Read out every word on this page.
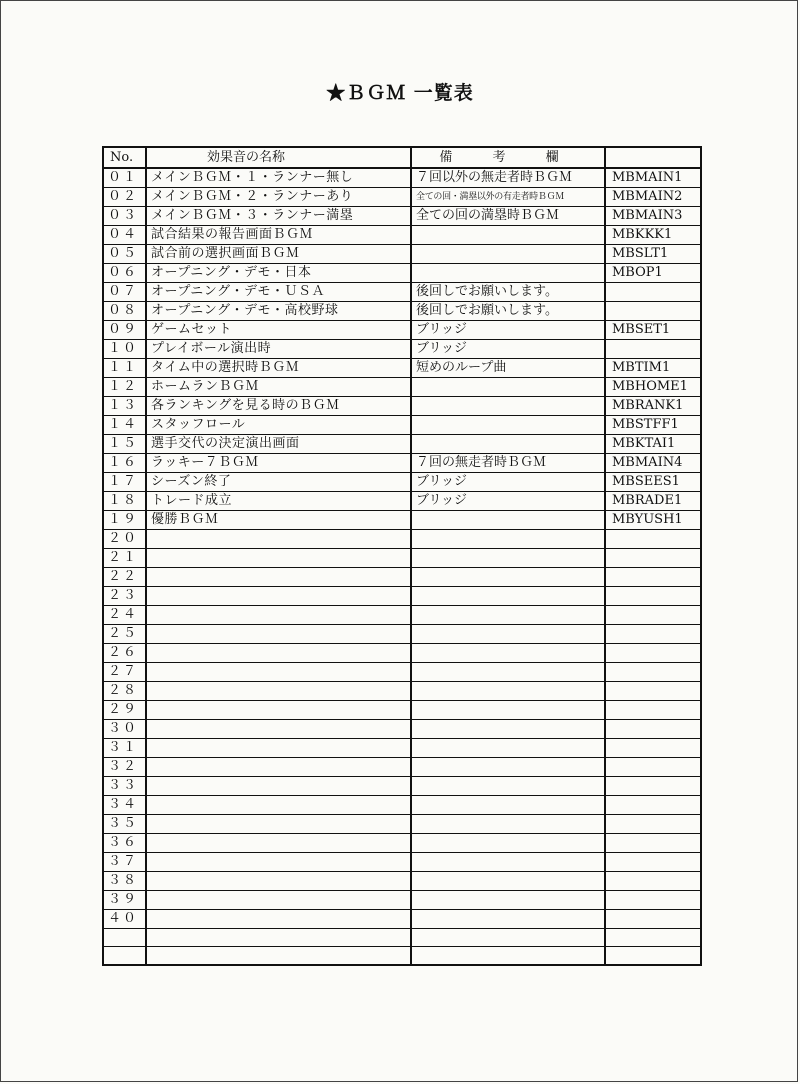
★ＢＧＭ 一覧表
No.	効果音の名称	備 考 欄	
０１	メインＢＧＭ・１・ランナー無し	７回以外の無走者時ＢＧＭ	MBMAIN1
０２	メインＢＧＭ・２・ランナーあり	全ての回・満塁以外の有走者時ＢＧＭ	MBMAIN2
０３	メインＢＧＭ・３・ランナー満塁	全ての回の満塁時ＢＧＭ	MBMAIN3
０４	試合結果の報告画面ＢＧＭ		MBKKK1
０５	試合前の選択画面ＢＧＭ		MBSLT1
０６	オープニング・デモ・日本		MBOP1
０７	オープニング・デモ・ＵＳＡ	後回しでお願いします。	
０８	オープニング・デモ・高校野球	後回しでお願いします。	
０９	ゲームセット	ブリッジ	MBSET1
１０	プレイボール演出時	ブリッジ	
１１	タイム中の選択時ＢＧＭ	短めのループ曲	MBTIM1
１２	ホームランＢＧＭ		MBHOME1
１３	各ランキングを見る時のＢＧＭ		MBRANK1
１４	スタッフロール		MBSTFF1
１５	選手交代の決定演出画面		MBKTAI1
１６	ラッキー７ＢＧＭ	７回の無走者時ＢＧＭ	MBMAIN4
１７	シーズン終了	ブリッジ	MBSEES1
１８	トレード成立	ブリッジ	MBRADE1
１９	優勝ＢＧＭ		MBYUSH1
２０			
２１			
２２			
２３			
２４			
２５			
２６			
２７			
２８			
２９			
３０			
３１			
３２			
３３			
３４			
３５			
３６			
３７			
３８			
３９			
４０			
